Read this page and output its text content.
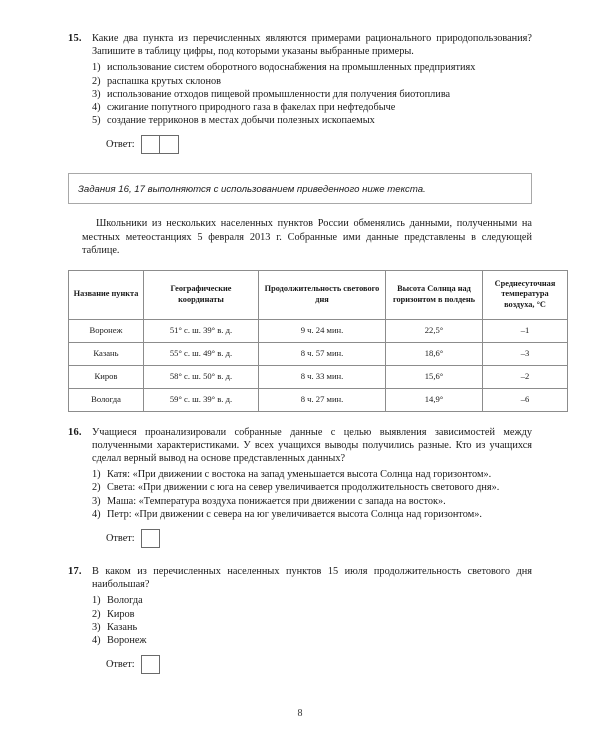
15. Какие два пункта из перечисленных являются примерами рационального природопользования? Запишите в таблицу цифры, под которыми указаны выбранные примеры.

1) использование систем оборотного водоснабжения на промышленных предприятиях
2) распашка крутых склонов
3) использование отходов пищевой промышленности для получения биотоплива
4) сжигание попутного природного газа в факелах при нефтедобыче
5) создание терриконов в местах добычи полезных ископаемых
Ответ:
Задания 16, 17 выполняются с использованием приведенного ниже текста.

Школьники из нескольких населенных пунктов России обменялись данными, полученными на местных метеостанциях 5 февраля 2013 г. Собранные ими данные представлены в следующей таблице.

Название пункта	Географические координаты	Продолжительность светового дня	Высота Солнца над горизонтом в полдень	Среднесуточная температура воздуха, °С
Воронеж	51° с. ш. 39° в. д.	9 ч. 24 мин.	22,5°	–1
Казань	55° с. ш. 49° в. д.	8 ч. 57 мин.	18,6°	–3
Киров	58° с. ш. 50° в. д.	8 ч. 33 мин.	15,6°	–2
Вологда	59° с. ш. 39° в. д.	8 ч. 27 мин.	14,9°	–6
16. Учащиеся проанализировали собранные данные с целью выявления зависимостей между полученными характеристиками. У всех учащихся выводы получились разные. Кто из учащихся сделал верный вывод на основе представленных данных?

1) Катя: «При движении с востока на запад уменьшается высота Солнца над горизонтом».
2) Света: «При движении с юга на север увеличивается продолжительность светового дня».
3) Маша: «Температура воздуха понижается при движении с запада на восток».
4) Петр: «При движении с севера на юг увеличивается высота Солнца над горизонтом».
Ответ:
17. В каком из перечисленных населенных пунктов 15 июля продолжительность светового дня наибольшая?

1) Вологда
2) Киров
3) Казань
4) Воронеж
Ответ:
8
